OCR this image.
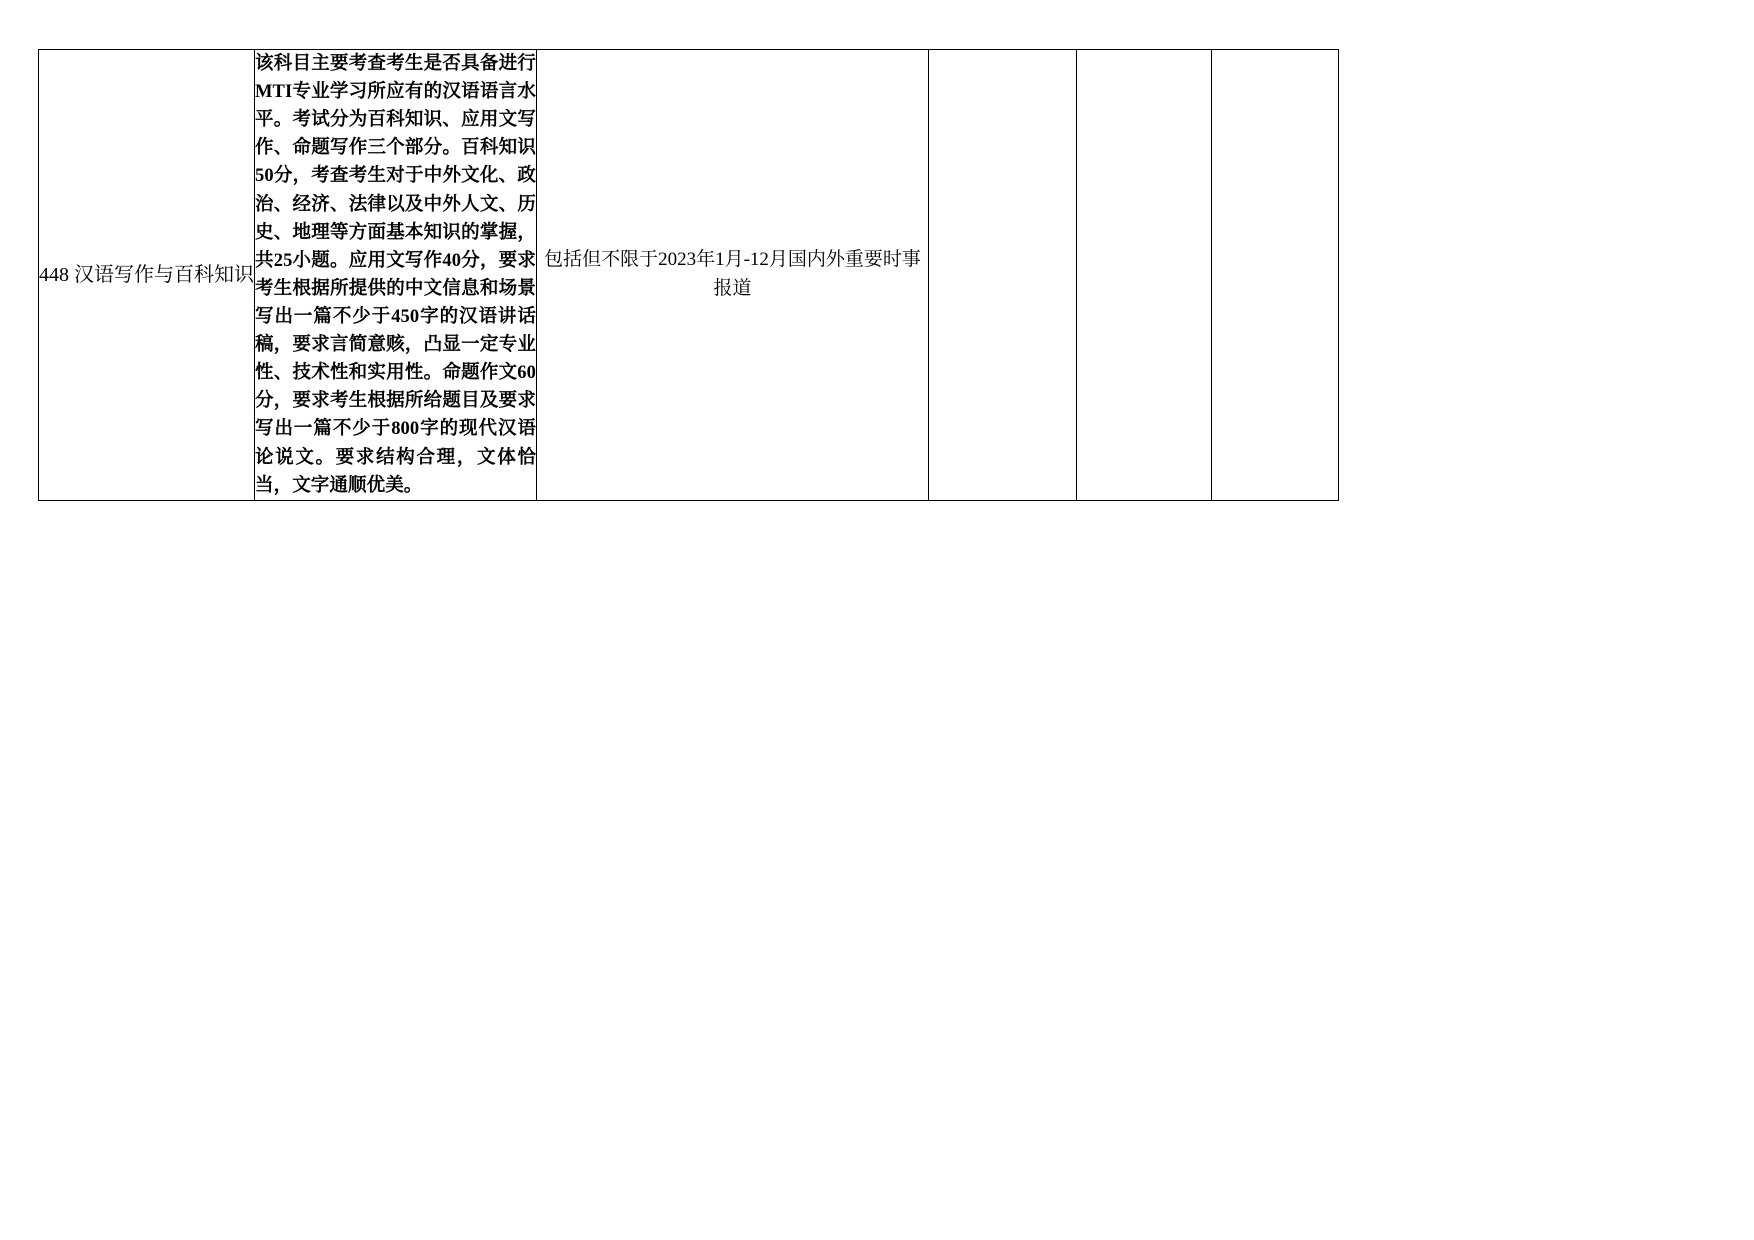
448 汉语写作与百科知识	该科目主要考查考生是否具备进行MTI专业学习所应有的汉语语言水平。考试分为百科知识、应用文写作、命题写作三个部分。百科知识50分，考查考生对于中外文化、政治、经济、法律以及中外人文、历史、地理等方面基本知识的掌握，共25小题。应用文写作40分，要求考生根据所提供的中文信息和场景写出一篇不少于450字的汉语讲话稿，要求言简意赅，凸显一定专业性、技术性和实用性。命题作文60分，要求考生根据所给题目及要求写出一篇不少于800字的现代汉语论说文。要求结构合理，文体恰当，文字通顺优美。	包括但不限于2023年1月-12月国内外重要时事报道			
